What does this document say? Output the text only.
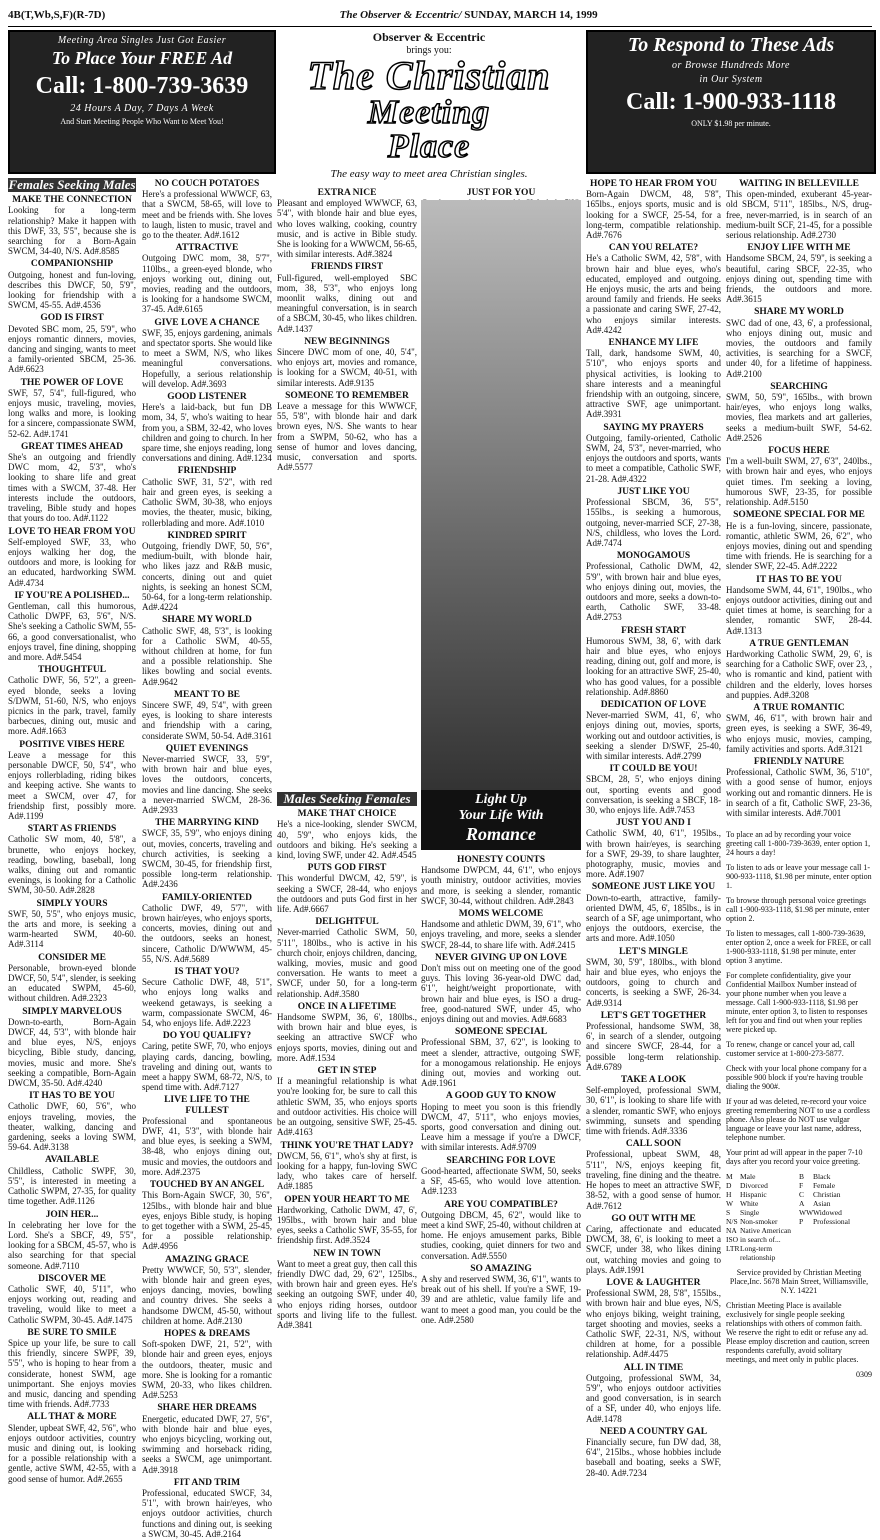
4B(T,Wb,S,F)(R-7D)	The Observer & Eccentric/ SUNDAY, MARCH 14, 1999
Meeting Area Singles Just Got Easier
To Place Your FREE Ad
Call: 1-800-739-3639
24 Hours A Day, 7 Days A Week
And Start Meeting People Who Want to Meet You!
Observer & Eccentric
brings you:
The Christian
Meeting
Place
The easy way to meet area Christian singles.
To Respond to These Ads
or Browse Hundreds More
in Our System
Call: 1-900-933-1118
ONLY $1.98 per minute.
Females Seeking Males
MAKE THE CONNECTION

Looking for a long-term relationship? Make it happen with this DWF, 33, 5'5", because she is searching for a Born-Again SWCM, 34-40, N/S. Ad#.8585

COMPANIONSHIP

Outgoing, honest and fun-loving, describes this DWCF, 50, 5'9", looking for friendship with a SWCM, 45-55. Ad#.4536

GOD IS FIRST

Devoted SBC mom, 25, 5'9", who enjoys romantic dinners, movies, dancing and singing, wants to meet a family-oriented SBCM, 25-36. Ad#.6623

THE POWER OF LOVE

SWF, 57, 5'4", full-figured, who enjoys music, traveling, movies, long walks and more, is looking for a sincere, compassionate SWM, 52-62. Ad#.1741

GREAT TIMES AHEAD

She's an outgoing and friendly DWC mom, 42, 5'3", who's looking to share life and great times with a SWCM, 37-48. Her interests include the outdoors, traveling, Bible study and hopes that yours do too. Ad#.1122

LOVE TO HEAR FROM YOU

Self-employed SWF, 33, who enjoys walking her dog, the outdoors and more, is looking for an educated, hardworking SWM. Ad#.4734

IF YOU'RE A POLISHED...

Gentleman, call this humorous, Catholic DWPF, 63, 5'6", N/S. She's seeking a Catholic SWM, 55-66, a good conversationalist, who enjoys travel, fine dining, shopping and more. Ad#.5454

THOUGHTFUL

Catholic DWF, 56, 5'2", a green-eyed blonde, seeks a loving S/DWM, 51-60, N/S, who enjoys picnics in the park, travel, family barbecues, dining out, music and more. Ad#.1663

POSITIVE VIBES HERE

Leave a message for this personable DWCF, 50, 5'4", who enjoys rollerblading, riding bikes and keeping active. She wants to meet a SWCM, over 47, for friendship first, possibly more. Ad#.1199

START AS FRIENDS

Catholic SW mom, 40, 5'8", a brunette, who enjoys hockey, reading, bowling, baseball, long walks, dining out and romantic evenings, is looking for a Catholic SWM, 30-50. Ad#.2828

SIMPLY YOURS

SWF, 50, 5'5", who enjoys music, the arts and more, is seeking a warm-hearted SWM, 40-60. Ad#.3114

CONSIDER ME

Personable, brown-eyed blonde DWCF, 50, 5'4", slender, is seeking an educated SWPM, 45-60, without children. Ad#.2323

SIMPLY MARVELOUS

Down-to-earth, Born-Again DWCF, 44, 5'3", with blonde hair and blue eyes, N/S, enjoys bicycling, Bible study, dancing, movies, music and more. She's seeking a compatible, Born-Again DWCM, 35-50. Ad#.4240

IT HAS TO BE YOU

Catholic DWF, 60, 5'6", who enjoys traveling, movies, the theater, walking, dancing and gardening, seeks a loving SWM, 59-64. Ad#.3138

AVAILABLE

Childless, Catholic SWPF, 30, 5'5", is interested in meeting a Catholic SWPM, 27-35, for quality time together. Ad#.1126

JOIN HER...

In celebrating her love for the Lord. She's a SBCF, 49, 5'5", looking for a SBCM, 45-57, who is also searching for that special someone. Ad#.7110

DISCOVER ME

Catholic SWF, 40, 5'11", who enjoys working out, reading and traveling, would like to meet a Catholic SWPM, 30-45. Ad#.1475

BE SURE TO SMILE

Spice up your life, be sure to call this friendly, sincere SWPF, 39, 5'5", who is hoping to hear from a considerate, honest SWM, age unimportant. She enjoys movies and music, dancing and spending time with friends. Ad#.7733

ALL THAT & MORE

Slender, upbeat SWF, 42, 5'6", who enjoys outdoor activities, country music and dining out, is looking for a possible relationship with a gentle, active SWM, 42-55, with a good sense of humor. Ad#.2655

NO COUCH POTATOES

Here's a professional WWWCF, 63, that a SWCM, 58-65, will love to meet and be friends with. She loves to laugh, listen to music, travel and go to the theater. Ad#.1612

ATTRACTIVE

Outgoing DWC mom, 38, 5'7", 110lbs., a green-eyed blonde, who enjoys working out, dining out, movies, reading and the outdoors, is looking for a handsome SWCM, 37-45. Ad#.6165

GIVE LOVE A CHANCE

SWF, 35, enjoys gardening, animals and spectator sports. She would like to meet a SWM, N/S, who likes meaningful conversations. Hopefully, a serious relationship will develop. Ad#.3693

GOOD LISTENER

Here's a laid-back, but fun DB mom, 34, 5', who's waiting to hear from you, a SBM, 32-42, who loves children and going to church. In her spare time, she enjoys reading, long conversations and dining. Ad#.1234

FRIENDSHIP

Catholic SWF, 31, 5'2", with red hair and green eyes, is seeking a Catholic SWM, 30-38, who enjoys movies, the theater, music, biking, rollerblading and more. Ad#.1010

KINDRED SPIRIT

Outgoing, friendly DWF, 50, 5'6", medium-built, with blonde hair, who likes jazz and R&B music, concerts, dining out and quiet nights, is seeking an honest SCM, 50-64, for a long-term relationship. Ad#.4224

SHARE MY WORLD

Catholic SWF, 48, 5'3", is looking for a Catholic SWM, 40-55, without children at home, for fun and a possible relationship. She likes bowling and social events. Ad#.9642

MEANT TO BE

Sincere SWF, 49, 5'4", with green eyes, is looking to share interests and friendship with a caring, considerate SWM, 50-54. Ad#.3161

QUIET EVENINGS

Never-married SWCF, 33, 5'9", with brown hair and blue eyes, loves the outdoors, concerts, movies and line dancing. She seeks a never-married SWCM, 28-36. Ad#.2933

THE MARRYING KIND

SWCF, 35, 5'9", who enjoys dining out, movies, concerts, traveling and church activities, is seeking a SWCM, 30-45, for friendship first, possible long-term relationship. Ad#.2436

FAMILY-ORIENTED

Catholic DWF, 49, 5'7", with brown hair/eyes, who enjoys sports, concerts, movies, dining out and the outdoors, seeks an honest, sincere, Catholic D/WWWM, 45-55, N/S. Ad#.5689

IS THAT YOU?

Secure Catholic DWF, 48, 5'1", who enjoys long walks and weekend getaways, is seeking a warm, compassionate SWCM, 46-54, who enjoys life. Ad#.2223

DO YOU QUALIFY?

Caring, petite SWF, 70, who enjoys playing cards, dancing, bowling, traveling and dining out, wants to meet a happy SWM, 68-72, N/S, to spend time with. Ad#.7127

LIVE LIFE TO THE FULLEST

Professional and spontaneous DWF, 41, 5'3", with blonde hair and blue eyes, is seeking a SWM, 38-48, who enjoys dining out, music and movies, the outdoors and more. Ad#.2375

TOUCHED BY AN ANGEL

This Born-Again SWCF, 30, 5'6", 125lbs., with blonde hair and blue eyes, enjoys Bible study, is hoping to get together with a SWM, 25-45, for a possible relationship. Ad#.4956

AMAZING GRACE

Pretty WWWCF, 50, 5'3", slender, with blonde hair and green eyes, enjoys dancing, movies, bowling and country drives. She seeks a handsome DWCM, 45-50, without children at home. Ad#.2130

HOPES & DREAMS

Soft-spoken DWF, 21, 5'2", with blonde hair and green eyes, enjoys the outdoors, theater, music and more. She is looking for a romantic SWM, 20-33, who likes children. Ad#.5253

SHARE HER DREAMS

Energetic, educated DWF, 27, 5'6", with blonde hair and blue eyes, who enjoys bicycling, working out, swimming and horseback riding, seeks a SWCM, age unimportant. Ad#.3918

FIT AND TRIM

Professional, educated SWCF, 34, 5'1", with brown hair/eyes, who enjoys outdoor activities, church functions and dining out, is seeking a SWCM, 30-45. Ad#.2164

EXTRA NICE

Pleasant and employed WWWCF, 63, 5'4", with blonde hair and blue eyes, who loves walking, cooking, country music, and is active in Bible study. She is looking for a WWWCM, 56-65, with similar interests. Ad#.3824

FRIENDS FIRST

Full-figured, well-employed SBC mom, 38, 5'3", who enjoys long moonlit walks, dining out and meaningful conversation, is in search of a SBCM, 30-45, who likes children. Ad#.1437

NEW BEGINNINGS

Sincere DWC mom of one, 40, 5'4", who enjoys art, movies and romance, is looking for a SWCM, 40-51, with similar interests. Ad#.9135

SOMEONE TO REMEMBER

Leave a message for this WWWCF, 55, 5'8", with blonde hair and dark brown eyes, N/S. She wants to hear from a SWPM, 50-62, who has a sense of humor and loves dancing, music, conversation and sports. Ad#.5577

Males Seeking Females
MAKE THAT CHOICE

He's a nice-looking, slender SWCM, 40, 5'9", who enjoys kids, the outdoors and biking. He's seeking a kind, loving SWF, under 42. Ad#.4545

PUTS GOD FIRST

This wonderful DWCM, 42, 5'9", is seeking a SWCF, 28-44, who enjoys the outdoors and puts God first in her life. Ad#.6667

DELIGHTFUL

Never-married Catholic SWM, 50, 5'11", 180lbs., who is active in his church choir, enjoys children, dancing, walking, movies, music and good conversation. He wants to meet a SWCF, under 50, for a long-term relationship. Ad#.3580

ONCE IN A LIFETIME

Handsome SWPM, 36, 6', 180lbs., with brown hair and blue eyes, is seeking an attractive SWCF who enjoys sports, movies, dining out and more. Ad#.1534

GET IN STEP

If a meaningful relationship is what you're looking for, be sure to call this athletic SWM, 35, who enjoys sports and outdoor activities. His choice will be an outgoing, sensitive SWF, 25-45. Ad#.4163

THINK YOU'RE THAT LADY?

DWCM, 56, 6'1", who's shy at first, is looking for a happy, fun-loving SWC lady, who takes care of herself. Ad#.1885

OPEN YOUR HEART TO ME

Hardworking, Catholic DWM, 47, 6', 195lbs., with brown hair and blue eyes, seeks a Catholic SWF, 35-55, for friendship first. Ad#.3524

NEW IN TOWN

Want to meet a great guy, then call this friendly DWC dad, 29, 6'2", 125lbs., with brown hair and green eyes. He's seeking an outgoing SWF, under 40, who enjoys riding horses, outdoor sports and living life to the fullest. Ad#.3841

JUST FOR YOU

Light Up
Your Life With
Romance
HONESTY COUNTS

Handsome DWPCM, 44, 6'1", who enjoys youth ministry, outdoor activities, movies and more, is seeking a slender, romantic SWCF, 30-44, without children. Ad#.2843

MOMS WELCOME

Handsome and athletic DWM, 39, 6'1", who enjoys traveling, and more, seeks a slender SWCF, 28-44, to share life with. Ad#.2415

NEVER GIVING UP ON LOVE

Don't miss out on meeting one of the good guys. This loving 36-year-old DWC dad, 6'1", height/weight proportionate, with brown hair and blue eyes, is ISO a drug-free, good-natured SWF, under 45, who enjoys dining out and movies. Ad#.6683

SOMEONE SPECIAL

Professional SBM, 37, 6'2", is looking to meet a slender, attractive, outgoing SWF, for a monogamous relationship. He enjoys dining out, movies and working out. Ad#.1961

A GOOD GUY TO KNOW

Hoping to meet you soon is this friendly DWCM, 47, 5'11", who enjoys movies, sports, good conversation and dining out. Leave him a message if you're a DWCF, with similar interests. Ad#.9709

SEARCHING FOR LOVE

Good-hearted, affectionate SWM, 50, seeks a SF, 45-65, who would love attention. Ad#.1233

ARE YOU COMPATIBLE?

Outgoing DBCM, 45, 6'2", would like to meet a kind SWF, 25-40, without children at home. He enjoys amusement parks, Bible studies, cooking, quiet dinners for two and conversation. Ad#.5550

SO AMAZING

A shy and reserved SWM, 36, 6'1", wants to break out of his shell. If you're a SWF, 19-39 and are athletic, value family life and want to meet a good man, you could be the one. Ad#.2580

HOPE TO HEAR FROM YOU

Born-Again DWCM, 48, 5'8", 165lbs., enjoys sports, music and is looking for a SWCF, 25-54, for a long-term, compatible relationship. Ad#.7676

CAN YOU RELATE?

He's a Catholic SWM, 42, 5'8", with brown hair and blue eyes, who's educated, employed and outgoing. He enjoys music, the arts and being around family and friends. He seeks a passionate and caring SWF, 27-42, who enjoys similar interests. Ad#.4242

ENHANCE MY LIFE

Tall, dark, handsome SWM, 40, 5'10", who enjoys sports and physical activities, is looking to share interests and a meaningful friendship with an outgoing, sincere, attractive SWF, age unimportant. Ad#.3931

SAYING MY PRAYERS

Outgoing, family-oriented, Catholic SWM, 24, 5'3", never-married, who enjoys the outdoors and sports, wants to meet a compatible, Catholic SWF, 21-28. Ad#.4322

JUST LIKE YOU

Professional SBCM, 36, 5'5", 155lbs., is seeking a humorous, outgoing, never-married SCF, 27-38, N/S, childless, who loves the Lord. Ad#.7474

MONOGAMOUS

Professional, Catholic DWM, 42, 5'9", with brown hair and blue eyes, who enjoys dining out, movies, the outdoors and more, seeks a down-to-earth, Catholic SWF, 33-48. Ad#.2753

FRESH START

Humorous SWM, 38, 6', with dark hair and blue eyes, who enjoys reading, dining out, golf and more, is looking for an attractive SWF, 25-40, who has good values, for a possible relationship. Ad#.8860

DEDICATION OF LOVE

Never-married SWM, 41, 6', who enjoys dining out, movies, sports, working out and outdoor activities, is seeking a slender D/SWF, 25-40, with similar interests. Ad#.2799

IT COULD BE YOU!

SBCM, 28, 5', who enjoys dining out, sporting events and good conversation, is seeking a SBCF, 18-30, who enjoys life. Ad#.7453

JUST YOU AND I

Catholic SWM, 40, 6'1", 195lbs., with brown hair/eyes, is searching for a SWF, 29-39, to share laughter, photography, music, movies and more. Ad#.1907

SOMEONE JUST LIKE YOU

Down-to-earth, attractive, family-oriented DWM, 45, 6', 185lbs., is in search of a SF, age unimportant, who enjoys the outdoors, exercise, the arts and more. Ad#.1050

LET'S MINGLE

SWM, 30, 5'9", 180lbs., with blond hair and blue eyes, who enjoys the outdoors, going to church and concerts, is seeking a SWF, 26-34. Ad#.9314

LET'S GET TOGETHER

Professional, handsome SWM, 38, 6', in search of a slender, outgoing and sincere SWCF, 28-44, for a possible long-term relationship. Ad#.6789

TAKE A LOOK

Self-employed, professional SWM, 30, 6'1", is looking to share life with a slender, romantic SWF, who enjoys swimming, sunsets and spending time with friends. Ad#.3336

CALL SOON

Professional, upbeat SWM, 48, 5'11", N/S, enjoys keeping fit, traveling, fine dining and the theatre. He hopes to meet an attractive SWF, 38-52, with a good sense of humor. Ad#.7612

GO OUT WITH ME

Caring, affectionate and educated DWCM, 38, 6', is looking to meet a SWCF, under 38, who likes dining out, watching movies and going to plays. Ad#.1991

LOVE & LAUGHTER

Professional SWM, 28, 5'8", 155lbs., with brown hair and blue eyes, N/S, who enjoys biking, weight training, target shooting and movies, seeks a Catholic SWF, 22-31, N/S, without children at home, for a possible relationship. Ad#.4475

ALL IN TIME

Outgoing, professional SWM, 34, 5'9", who enjoys outdoor activities and good conversation, is in search of a SF, under 40, who enjoys life. Ad#.1478

NEED A COUNTRY GAL

Financially secure, fun DW dad, 38, 6'4", 215lbs., whose hobbies include baseball and boating, seeks a SWF, 28-40. Ad#.7234

WAITING IN BELLEVILLE

This open-minded, exuberant 45-year-old SBCM, 5'11", 185lbs., N/S, drug-free, never-married, is in search of an medium-built SCF, 21-45, for a possible serious relationship. Ad#.2730

ENJOY LIFE WITH ME

Handsome SBCM, 24, 5'9", is seeking a beautiful, caring SBCF, 22-35, who enjoys dining out, spending time with friends, the outdoors and more. Ad#.3615

SHARE MY WORLD

SWC dad of one, 43, 6', a professional, who enjoys dining out, music and movies, the outdoors and family activities, is searching for a SWCF, under 40, for a lifetime of happiness. Ad#.2100

SEARCHING

SWM, 50, 5'9", 165lbs., with brown hair/eyes, who enjoys long walks, movies, flea markets and art galleries, seeks a medium-built SWF, 54-62. Ad#.2526

FOCUS HERE

I'm a well-built SWM, 27, 6'3", 240lbs., with brown hair and eyes, who enjoys quiet times. I'm seeking a loving, humorous SWF, 23-35, for possible relationship. Ad#.5150

SOMEONE SPECIAL FOR ME

He is a fun-loving, sincere, passionate, romantic, athletic SWM, 26, 6'2", who enjoys movies, dining out and spending time with friends. He is searching for a slender SWF, 22-45. Ad#.2222

IT HAS TO BE YOU

Handsome SWM, 44, 6'1", 190lbs., who enjoys outdoor activities, dining out and quiet times at home, is searching for a slender, romantic SWF, 28-44. Ad#.1313

A TRUE GENTLEMAN

Hardworking Catholic SWM, 29, 6', is searching for a Catholic SWF, over 23, , who is romantic and kind, patient with children and the elderly, loves horses and puppies. Ad#.3208

A TRUE ROMANTIC

SWM, 46, 6'1", with brown hair and green eyes, is seeking a SWF, 36-49, who enjoys music, movies, camping, family activities and sports. Ad#.3121

FRIENDLY NATURE

Professional, Catholic SWM, 36, 5'10", with a good sense of humor, enjoys working out and romantic dinners. He is in search of a fit, Catholic SWF, 23-36, with similar interests. Ad#.7001

To place an ad by recording your voice greeting call 1-800-739-3639, enter option 1, 24 hours a day!

To listen to ads or leave your message call 1-900-933-1118, $1.98 per minute, enter option 1.

To browse through personal voice greetings call 1-900-933-1118, $1.98 per minute, enter option 2.

To listen to messages, call 1-800-739-3639, enter option 2, once a week for FREE, or call 1-900-933-1118, $1.98 per minute, enter option 3 anytime.

For complete confidentiality, give your Confidential Mailbox Number instead of your phone number when you leave a message. Call 1-900-933-1118, $1.98 per minute, enter option 3, to listen to responses left for you and find out when your replies were picked up.

To renew, change or cancel your ad, call customer service at 1-800-273-5877.

Check with your local phone company for a possible 900 block if you're having trouble dialing the 900#.

If your ad was deleted, re-record your voice greeting remembering NOT to use a cordless phone. Also please do NOT use vulgar language or leave your last name, address, telephone number.

Your print ad will appear in the paper 7-10 days after you record your voice greeting.

M Male	B	Black
D	Divorced	F	Female
H	Hispanic	C	Christian
W White	A	Asian
S	Single	WW Widowed
N/S Non-smoker	P	Professional
NA Native American
ISO in search of...
LTR Long-term relationship

Service provided by Christian Meeting Place,Inc. 5678 Main Street, Williamsville, N.Y. 14221

Christian Meeting Place is available exclusively for single people seeking relationships with others of common faith. We reserve the right to edit or refuse any ad. Please employ discretion and caution, screen respondents carefully, avoid solitary meetings, and meet only in public places.

0309
